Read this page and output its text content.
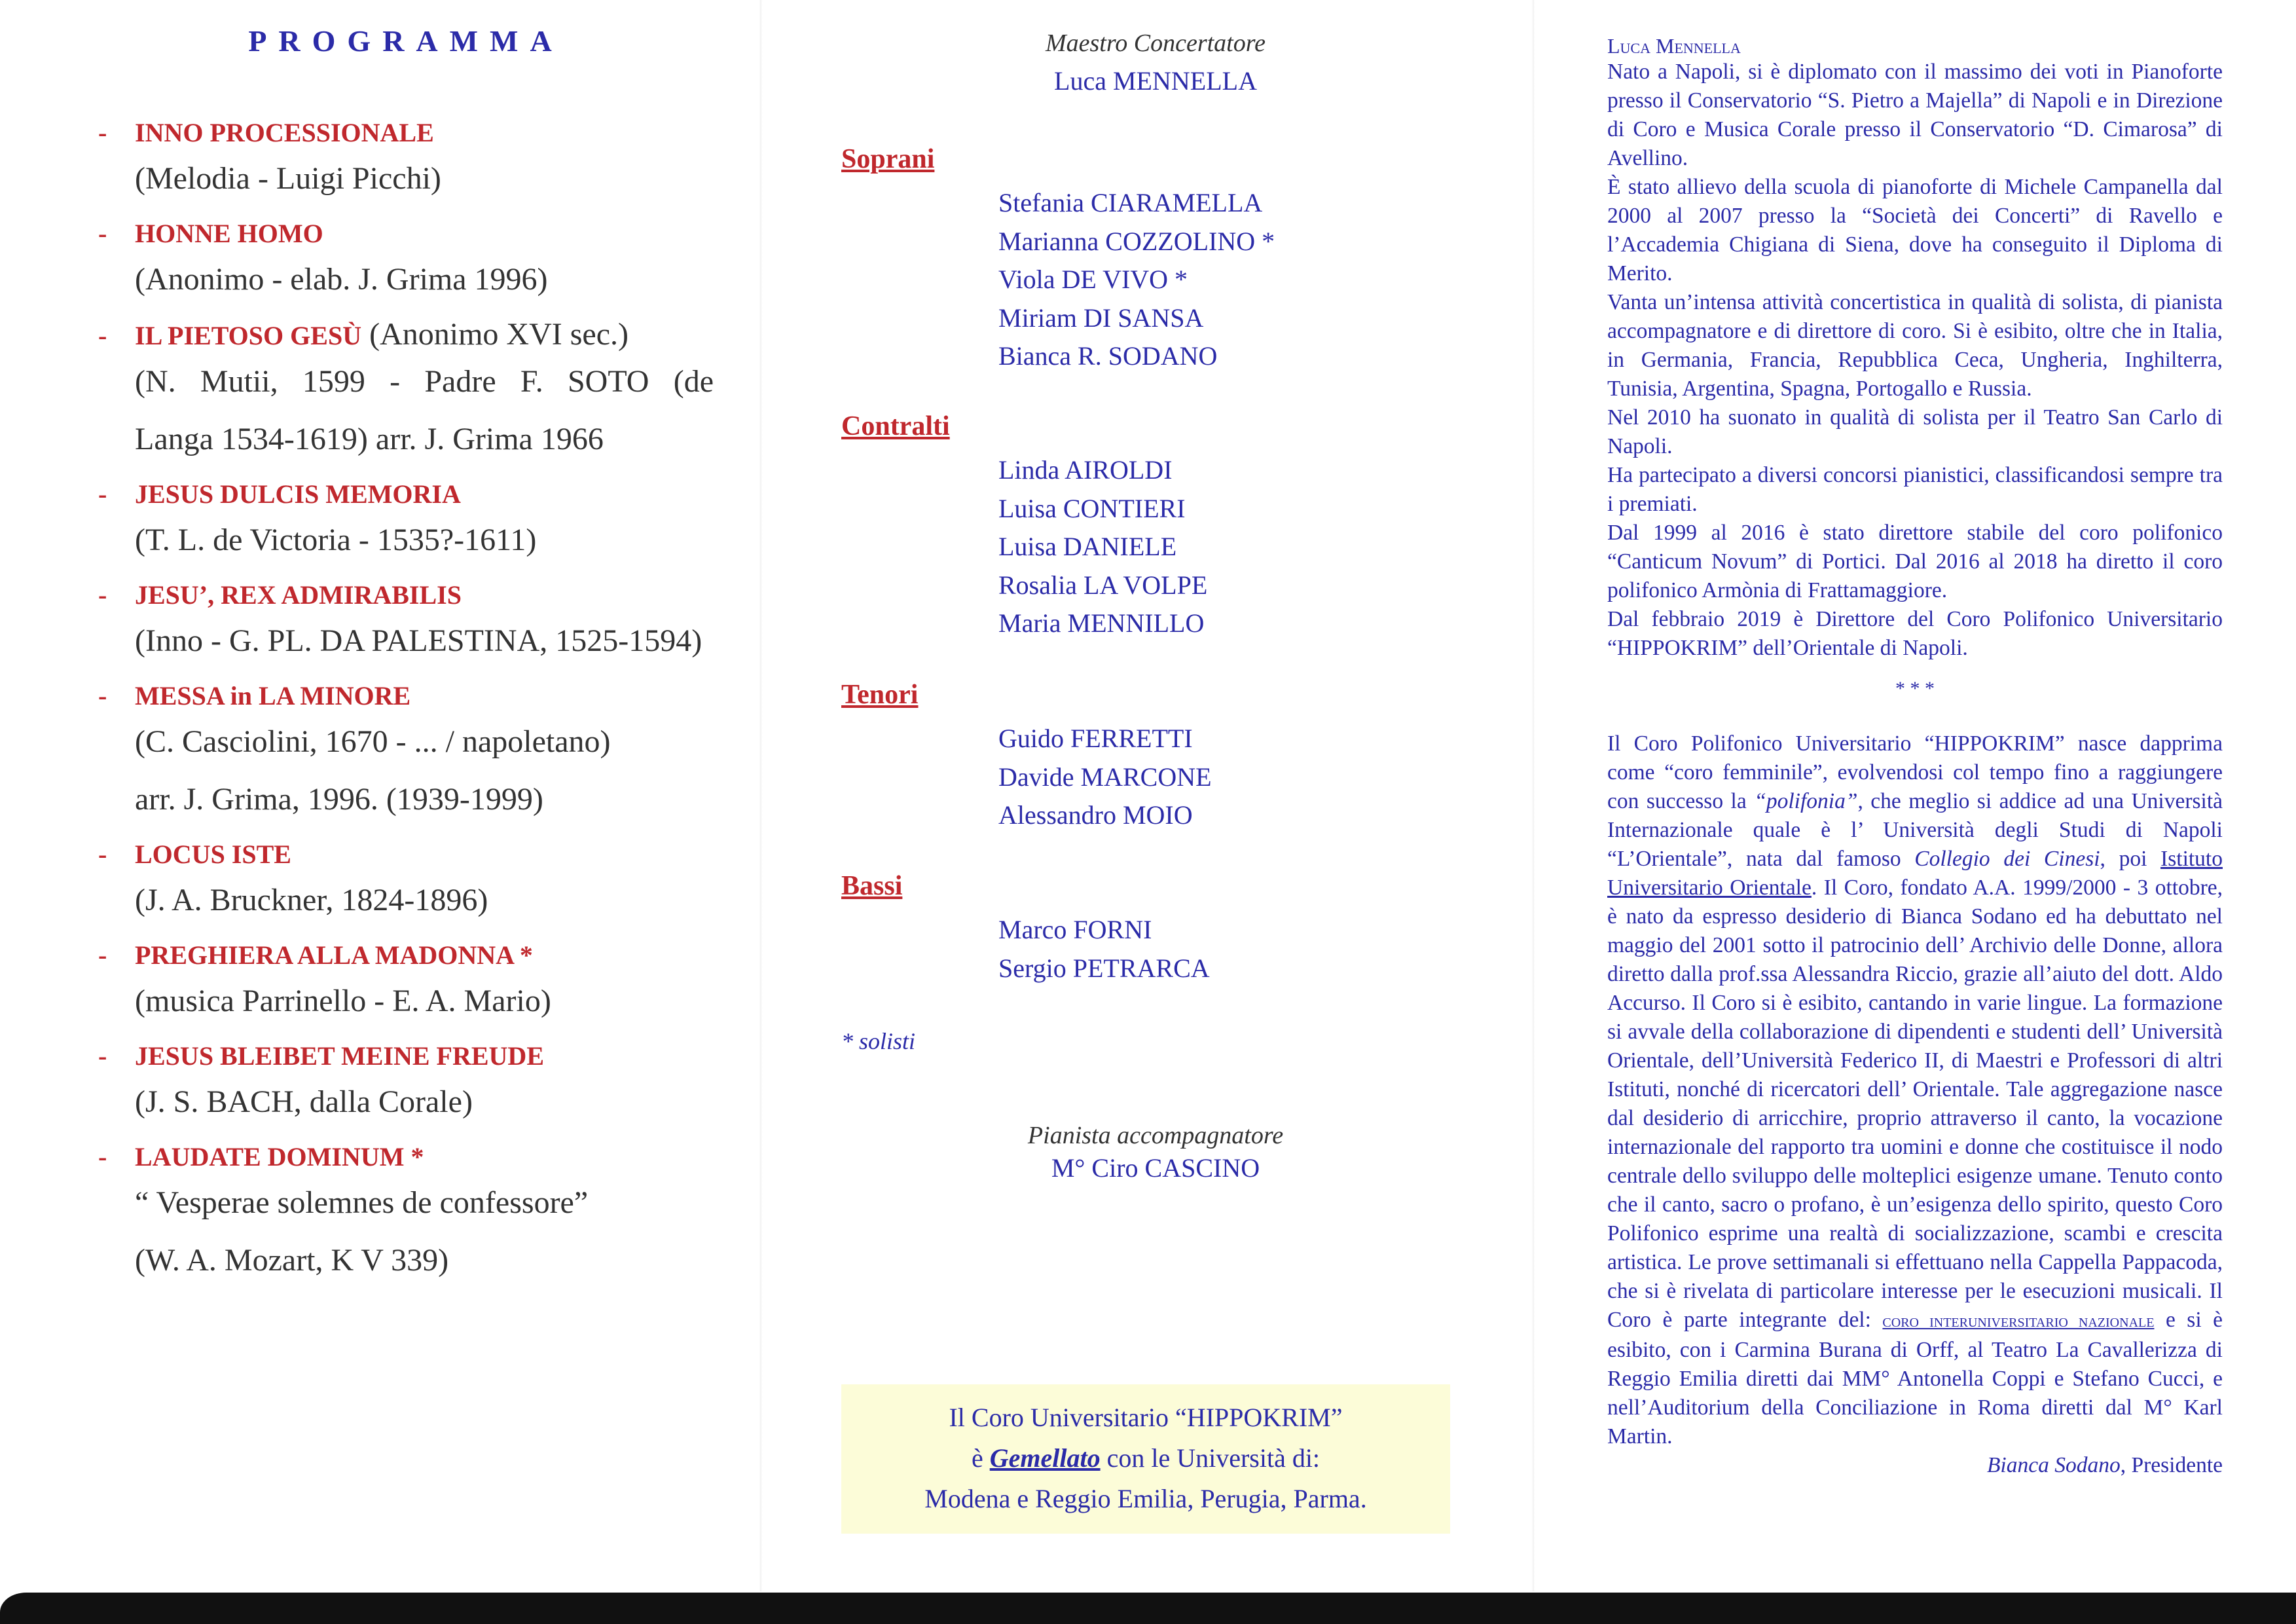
PROGRAMMA
- INNO PROCESSIONALE
(Melodia - Luigi Picchi)
- HONNE HOMO
(Anonimo - elab. J. Grima 1996)
- IL PIETOSO GESÙ (Anonimo XVI sec.)
(N. Mutii, 1599 - Padre F. SOTO (de
Langa 1534-1619) arr. J. Grima 1966
- JESUS DULCIS MEMORIA
(T. L. de Victoria - 1535?-1611)
- JESU’, REX ADMIRABILIS
(Inno - G. PL. DA PALESTINA, 1525-1594)
- MESSA in LA MINORE
(C. Casciolini, 1670 - ... / napoletano)
arr. J. Grima, 1996. (1939-1999)
- LOCUS ISTE
(J. A. Bruckner, 1824-1896)
- PREGHIERA ALLA MADONNA *
(musica Parrinello - E. A. Mario)
- JESUS BLEIBET MEINE FREUDE
(J. S. BACH, dalla Corale)
- LAUDATE DOMINUM *
“ Vesperae solemnes de confessore”
(W. A. Mozart, K V 339)
Maestro Concertatore
Luca MENNELLA
Soprani
Stefania CIARAMELLA
Marianna COZZOLINO *
Viola DE VIVO *
Miriam DI SANSA
Bianca R. SODANO
Contralti
Linda AIROLDI
Luisa CONTIERI
Luisa DANIELE
Rosalia LA VOLPE
Maria MENNILLO
Tenori
Guido FERRETTI
Davide MARCONE
Alessandro MOIO
Bassi
Marco FORNI
Sergio PETRARCA
* solisti
Pianista accompagnatore
M° Ciro CASCINO
Il Coro Universitario “HIPPOKRIM”
è Gemellato con le Università di:
Modena e Reggio Emilia, Perugia, Parma.
Luca Mennella

Nato a Napoli, si è diplomato con il massimo dei voti in Pianoforte presso il Conservatorio “S. Pietro a Majella” di Napoli e in Direzione di Coro e Musica Corale presso il Conservatorio “D. Cimarosa” di Avellino.

È stato allievo della scuola di pianoforte di Michele Campanella dal 2000 al 2007 presso la “Società dei Concerti” di Ravello e l’Accademia Chigiana di Siena, dove ha conseguito il Diploma di Merito.

Vanta un’intensa attività concertistica in qualità di solista, di pianista accompagnatore e di direttore di coro. Si è esibito, oltre che in Italia, in Germania, Francia, Repubblica Ceca, Ungheria, Inghilterra, Tunisia, Argentina, Spagna, Portogallo e Russia.

Nel 2010 ha suonato in qualità di solista per il Teatro San Carlo di Napoli.

Ha partecipato a diversi concorsi pianistici, classificandosi sempre tra i premiati.

Dal 1999 al 2016 è stato direttore stabile del coro polifonico “Canticum Novum” di Portici. Dal 2016 al 2018 ha diretto il coro polifonico Armònia di Frattamaggiore.

Dal febbraio 2019 è Direttore del Coro Polifonico Universitario “HIPPOKRIM” dell’Orientale di Napoli.

* * *

Il Coro Polifonico Universitario “HIPPOKRIM” nasce dapprima come “coro femminile”, evolvendosi col tempo fino a raggiungere con successo la “polifonia”, che meglio si addice ad una Università Internazionale quale è l’ Università degli Studi di Napoli “L’Orientale”, nata dal famoso Collegio dei Cinesi, poi Istituto Universitario Orientale. Il Coro, fondato A.A. 1999/2000 - 3 ottobre, è nato da espresso desiderio di Bianca Sodano ed ha debuttato nel maggio del 2001 sotto il patrocinio dell’ Archivio delle Donne, allora diretto dalla prof.ssa Alessandra Riccio, grazie all’aiuto del dott. Aldo Accurso. Il Coro si è esibito, cantando in varie lingue. La formazione si avvale della collaborazione di dipendenti e studenti dell’ Università Orientale, dell’Università Federico II, di Maestri e Professori di altri Istituti, nonché di ricercatori dell’ Orientale. Tale aggregazione nasce dal desiderio di arricchire, proprio attraverso il canto, la vocazione internazionale del rapporto tra uomini e donne che costituisce il nodo centrale dello sviluppo delle molteplici esigenze umane. Tenuto conto che il canto, sacro o profano, è un’esigenza dello spirito, questo Coro Polifonico esprime una realtà di socializzazione, scambi e crescita artistica. Le prove settimanali si effettuano nella Cappella Pappacoda, che si è rivelata di particolare interesse per le esecuzioni musicali. Il Coro è parte integrante del: coro interuniversitario nazionale e si è esibito, con i Carmina Burana di Orff, al Teatro La Cavallerizza di Reggio Emilia diretti dai MM° Antonella Coppi e Stefano Cucci, e nell’Auditorium della Conciliazione in Roma diretti dal M° Karl Martin.

Bianca Sodano, Presidente
